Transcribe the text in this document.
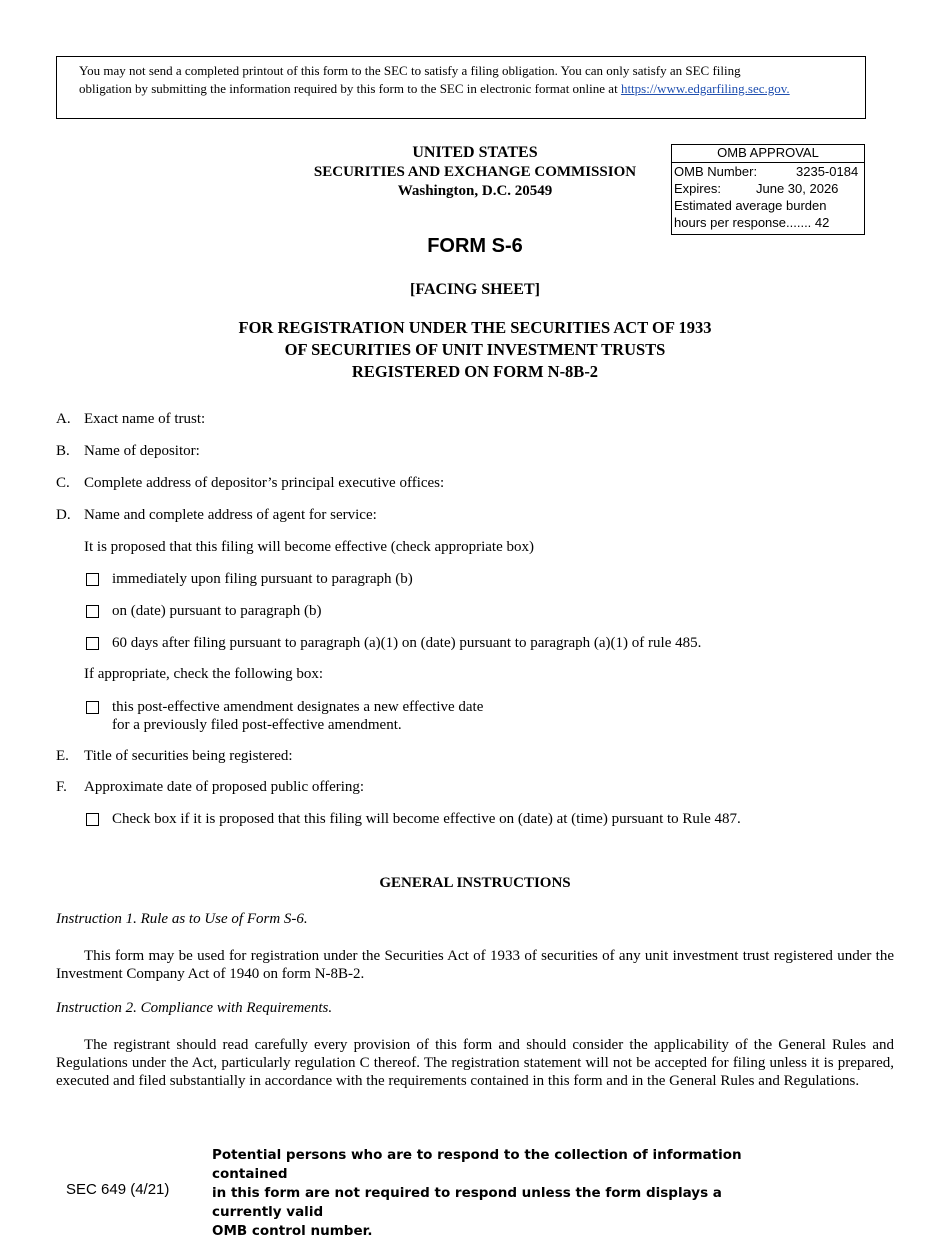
You may not send a completed printout of this form to the SEC to satisfy a filing obligation. You can only satisfy an SEC filing
obligation by submitting the information required by this form to the SEC in electronic format online at https://www.edgarfiling.sec.gov.
UNITED STATES
SECURITIES AND EXCHANGE COMMISSION
Washington, D.C. 20549
OMB APPROVAL
OMB Number:	3235-0184
Expires:	June 30, 2026
Estimated average burden
hours per response....... 42
FORM S-6
[FACING SHEET]
FOR REGISTRATION UNDER THE SECURITIES ACT OF 1933
OF SECURITIES OF UNIT INVESTMENT TRUSTS
REGISTERED ON FORM N-8B-2
A. Exact name of trust:
B. Name of depositor:
C. Complete address of depositor’s principal executive offices:
D. Name and complete address of agent for service:
It is proposed that this filing will become effective (check appropriate box)
immediately upon filing pursuant to paragraph (b)
on (date) pursuant to paragraph (b)
60 days after filing pursuant to paragraph (a)(1) on (date) pursuant to paragraph (a)(1) of rule 485.
If appropriate, check the following box:
this post-effective amendment designates a new effective date
for a previously filed post-effective amendment.
E. Title of securities being registered:
F. Approximate date of proposed public offering:
Check box if it is proposed that this filing will become effective on (date) at (time) pursuant to Rule 487.
GENERAL INSTRUCTIONS
Instruction 1. Rule as to Use of Form S-6.
This form may be used for registration under the Securities Act of 1933 of securities of any unit investment trust registered under the Investment Company Act of 1940 on form N-8B-2.
Instruction 2. Compliance with Requirements.
The registrant should read carefully every provision of this form and should consider the applicability of the General Rules and Regulations under the Act, particularly regulation C thereof. The registration statement will not be accepted for filing unless it is prepared, executed and filed substantially in accordance with the requirements contained in this form and in the General Rules and Regulations.
SEC 649 (4/21)
Potential persons who are to respond to the collection of information contained
in this form are not required to respond unless the form displays a currently valid
OMB control number.
